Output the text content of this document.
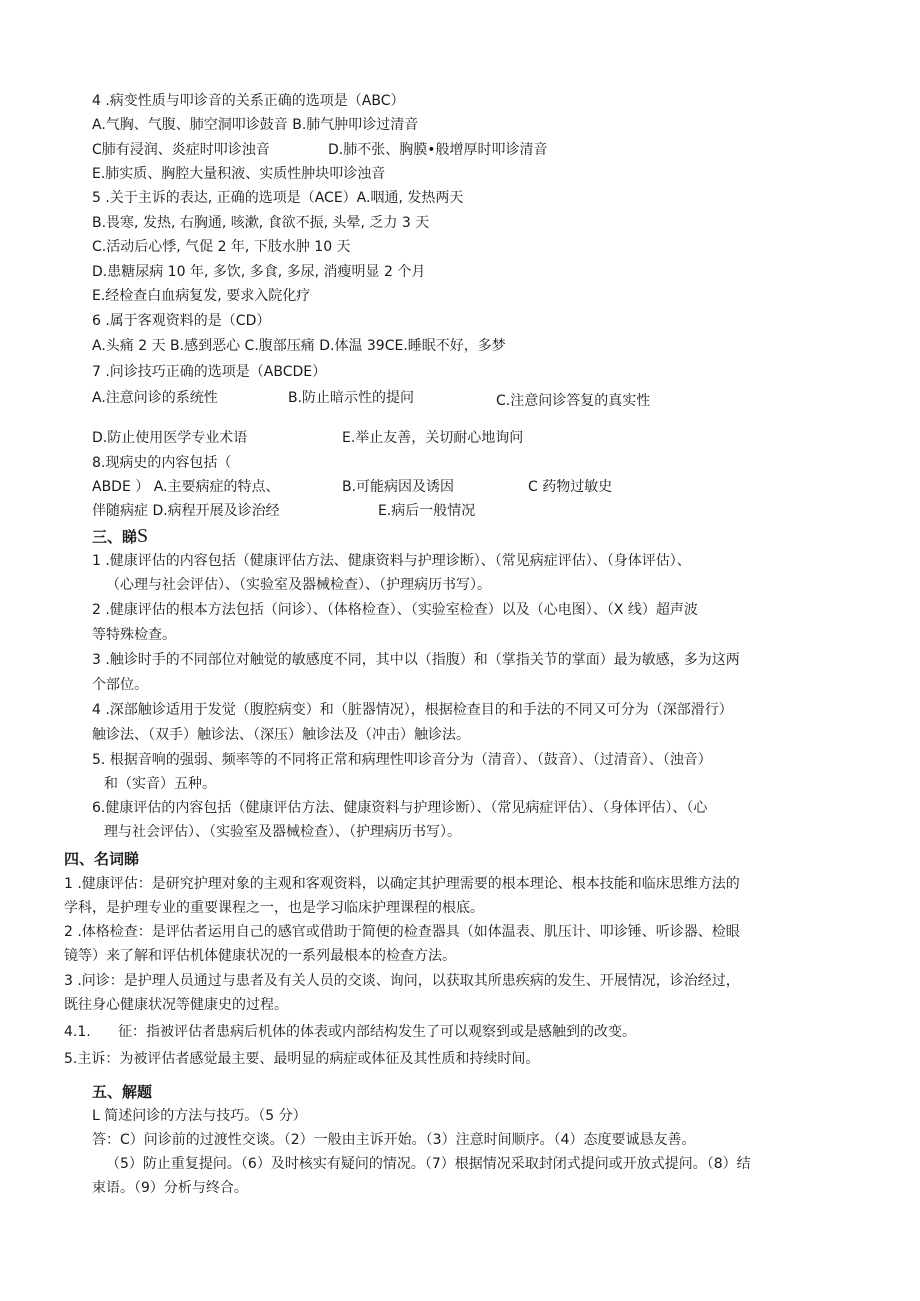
4 .病变性质与叩诊音的关系正确的选项是（ABC）
A.气胸、气腹、肺空洞叩诊鼓音 B.肺气肿叩诊过清音
C肺有浸润、炎症时叩诊浊音	D.肺不张、胸膜•般增厚时叩诊清音
E.肺实质、胸腔大量积液、实质性肿块叩诊浊音
5 .关于主诉的表达, 正确的选项是（ACE）A.咽通, 发热两天
B.畏寒, 发热, 右胸通, 咳漱, 食欲不振, 头晕, 乏力 3 天
C.活动后心悸, 气促 2 年, 下肢水肿 10 天
D.患糖尿病 10 年, 多饮, 多食, 多尿, 消瘦明显 2 个月
E.经检查白血病复发, 要求入院化疗
6 .属于客观资料的是（CD）
A.头痛 2 天 B.感到恶心 C.腹部压痛 D.体温 39CE.睡眠不好，多梦
7 .问诊技巧正确的选项是（ABCDE）
A.注意问诊的系统性	B.防止暗示性的提问	C.注意问诊答复的真实性
D.防止使用医学专业术语	E.举止友善，关切耐心地询问
8.现病史的内容包括（
ABDE ） A.主要病症的特点、	B.可能病因及诱因	C 药物过敏史
伴随病症 D.病程开展及诊治经	E.病后一般情况
三、睇S
1 .健康评估的内容包括（健康评估方法、健康资料与护理诊断）、（常见病症评估）、（身体评估）、
（心理与社会评估）、（实验室及器械检查）、（护理病历书写）。
2 .健康评估的根本方法包括（问诊）、（体格检查）、（实验室检查）以及（心电图）、（X 线）超声波
等特殊检查。
3 .触诊时手的不同部位对触觉的敏感度不同，其中以（指腹）和（掌指关节的掌面）最为敏感，多为这两
个部位。
4 .深部触诊适用于发觉（腹腔病变）和（脏器情况），根据检查目的和手法的不同又可分为（深部滑行）
触诊法、（双手）触诊法、（深压）触诊法及（冲击）触诊法。
5. 根据音响的强弱、频率等的不同将正常和病理性叩诊音分为（清音）、（鼓音）、（过清音）、（浊音）
和（实音）五种。
6.健康评估的内容包括（健康评估方法、健康资料与护理诊断）、（常见病症评估）、（身体评估）、（心
理与社会评估）、（实验室及器械检查）、（护理病历书写）。
四、名词睇
1 .健康评估：是研究护理对象的主观和客观资料，以确定其护理需要的根本理论、根本技能和临床思维方法的
学科，是护理专业的重要课程之一，也是学习临床护理课程的根底。
2 .体格检查：是评估者运用自己的感官或借助于简便的检查器具（如体温表、肌压计、叩诊锤、听诊器、检眼
镜等）来了解和评估机体健康状况的一系列最根本的检查方法。
3 .问诊：是护理人员通过与患者及有关人员的交谈、询问，以获取其所患疾病的发生、开展情况，诊治经过，
既往身心健康状况等健康史的过程。
4.1. 征：指被评估者患病后机体的体表或内部结构发生了可以观察到或是感触到的改变。
5.主诉：为被评估者感觉最主要、最明显的病症或体征及其性质和持续时间。
五、解题
L 简述问诊的方法与技巧。（5 分）
答：C）问诊前的过渡性交谈。（2）一般由主诉开始。（3）注意时间顺序。（4）态度要诚恳友善。
（5）防止重复提问。（6）及时核实有疑问的情况。（7）根据情况采取封闭式提问或开放式提问。（8）结
束语。（9）分析与终合。
